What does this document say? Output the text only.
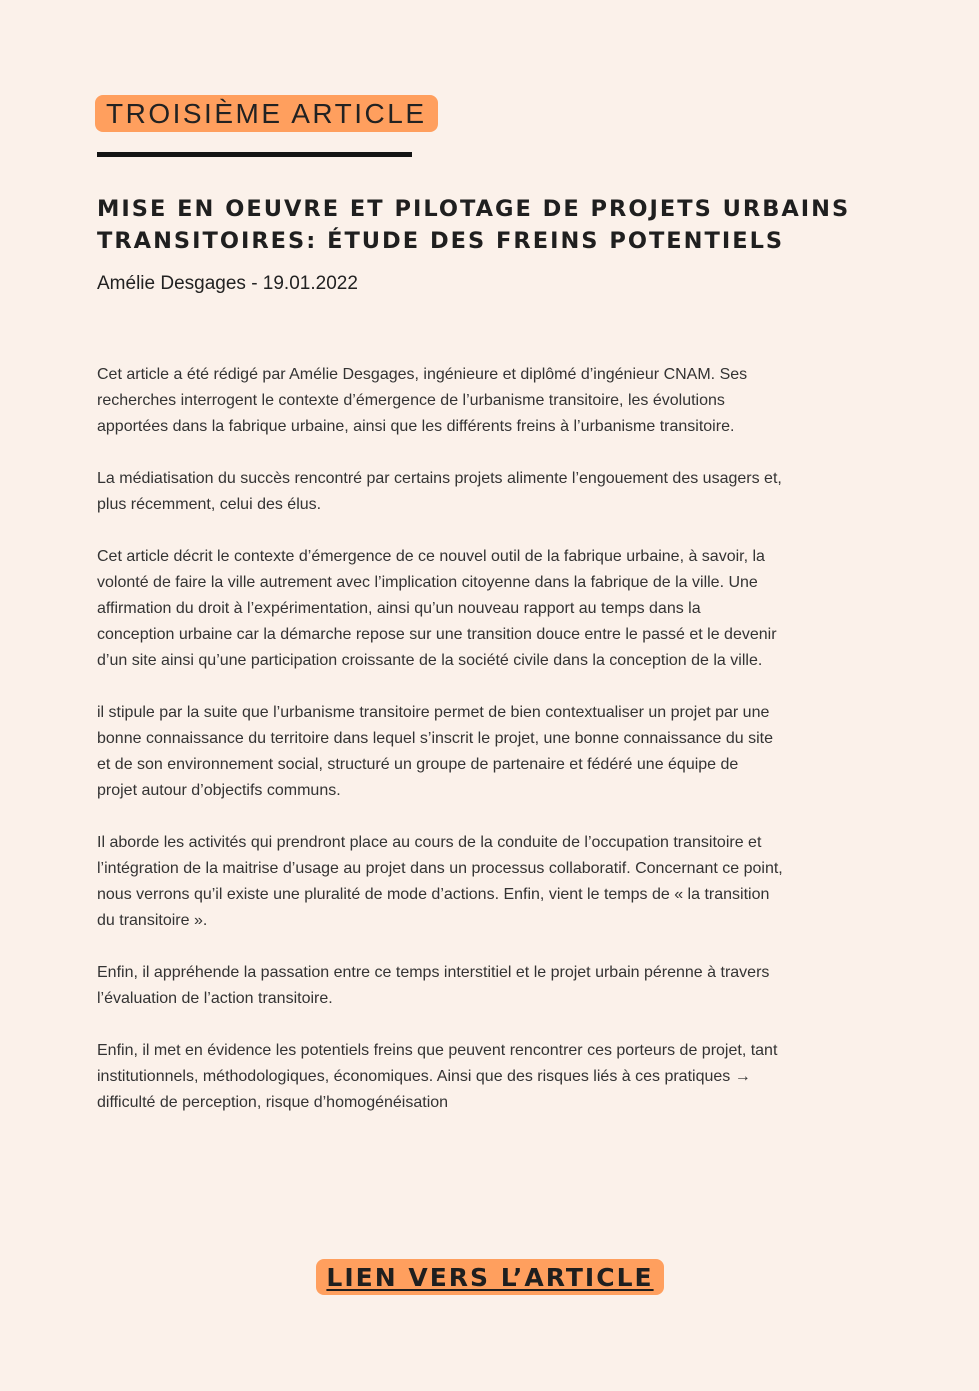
TROISIÈME ARTICLE
MISE EN OEUVRE ET PILOTAGE DE PROJETS URBAINS
TRANSITOIRES: ÉTUDE DES FREINS POTENTIELS
Amélie Desgages - 19.01.2022

Cet article a été rédigé par Amélie Desgages, ingénieure et diplômé d’ingénieur CNAM. Ses
recherches interrogent le contexte d’émergence de l’urbanisme transitoire, les évolutions
apportées dans la fabrique urbaine, ainsi que les différents freins à l’urbanisme transitoire.

La médiatisation du succès rencontré par certains projets alimente l’engouement des usagers et,
plus récemment, celui des élus.

Cet article décrit le contexte d’émergence de ce nouvel outil de la fabrique urbaine, à savoir, la
volonté de faire la ville autrement avec l’implication citoyenne dans la fabrique de la ville. Une
affirmation du droit à l’expérimentation, ainsi qu’un nouveau rapport au temps dans la
conception urbaine car la démarche repose sur une transition douce entre le passé et le devenir
d’un site ainsi qu’une participation croissante de la société civile dans la conception de la ville.

il stipule par la suite que l’urbanisme transitoire permet de bien contextualiser un projet par une
bonne connaissance du territoire dans lequel s’inscrit le projet, une bonne connaissance du site
et de son environnement social, structuré un groupe de partenaire et fédéré une équipe de
projet autour d’objectifs communs.

Il aborde les activités qui prendront place au cours de la conduite de l’occupation transitoire et
l’intégration de la maitrise d’usage au projet dans un processus collaboratif. Concernant ce point,
nous verrons qu’il existe une pluralité de mode d’actions. Enfin, vient le temps de « la transition
du transitoire ».

Enfin, il appréhende la passation entre ce temps interstitiel et le projet urbain pérenne à travers
l’évaluation de l’action transitoire.

Enfin, il met en évidence les potentiels freins que peuvent rencontrer ces porteurs de projet, tant
institutionnels, méthodologiques, économiques. Ainsi que des risques liés à ces pratiques →
difficulté de perception, risque d’homogénéisation

LIEN VERS L’ARTICLE
